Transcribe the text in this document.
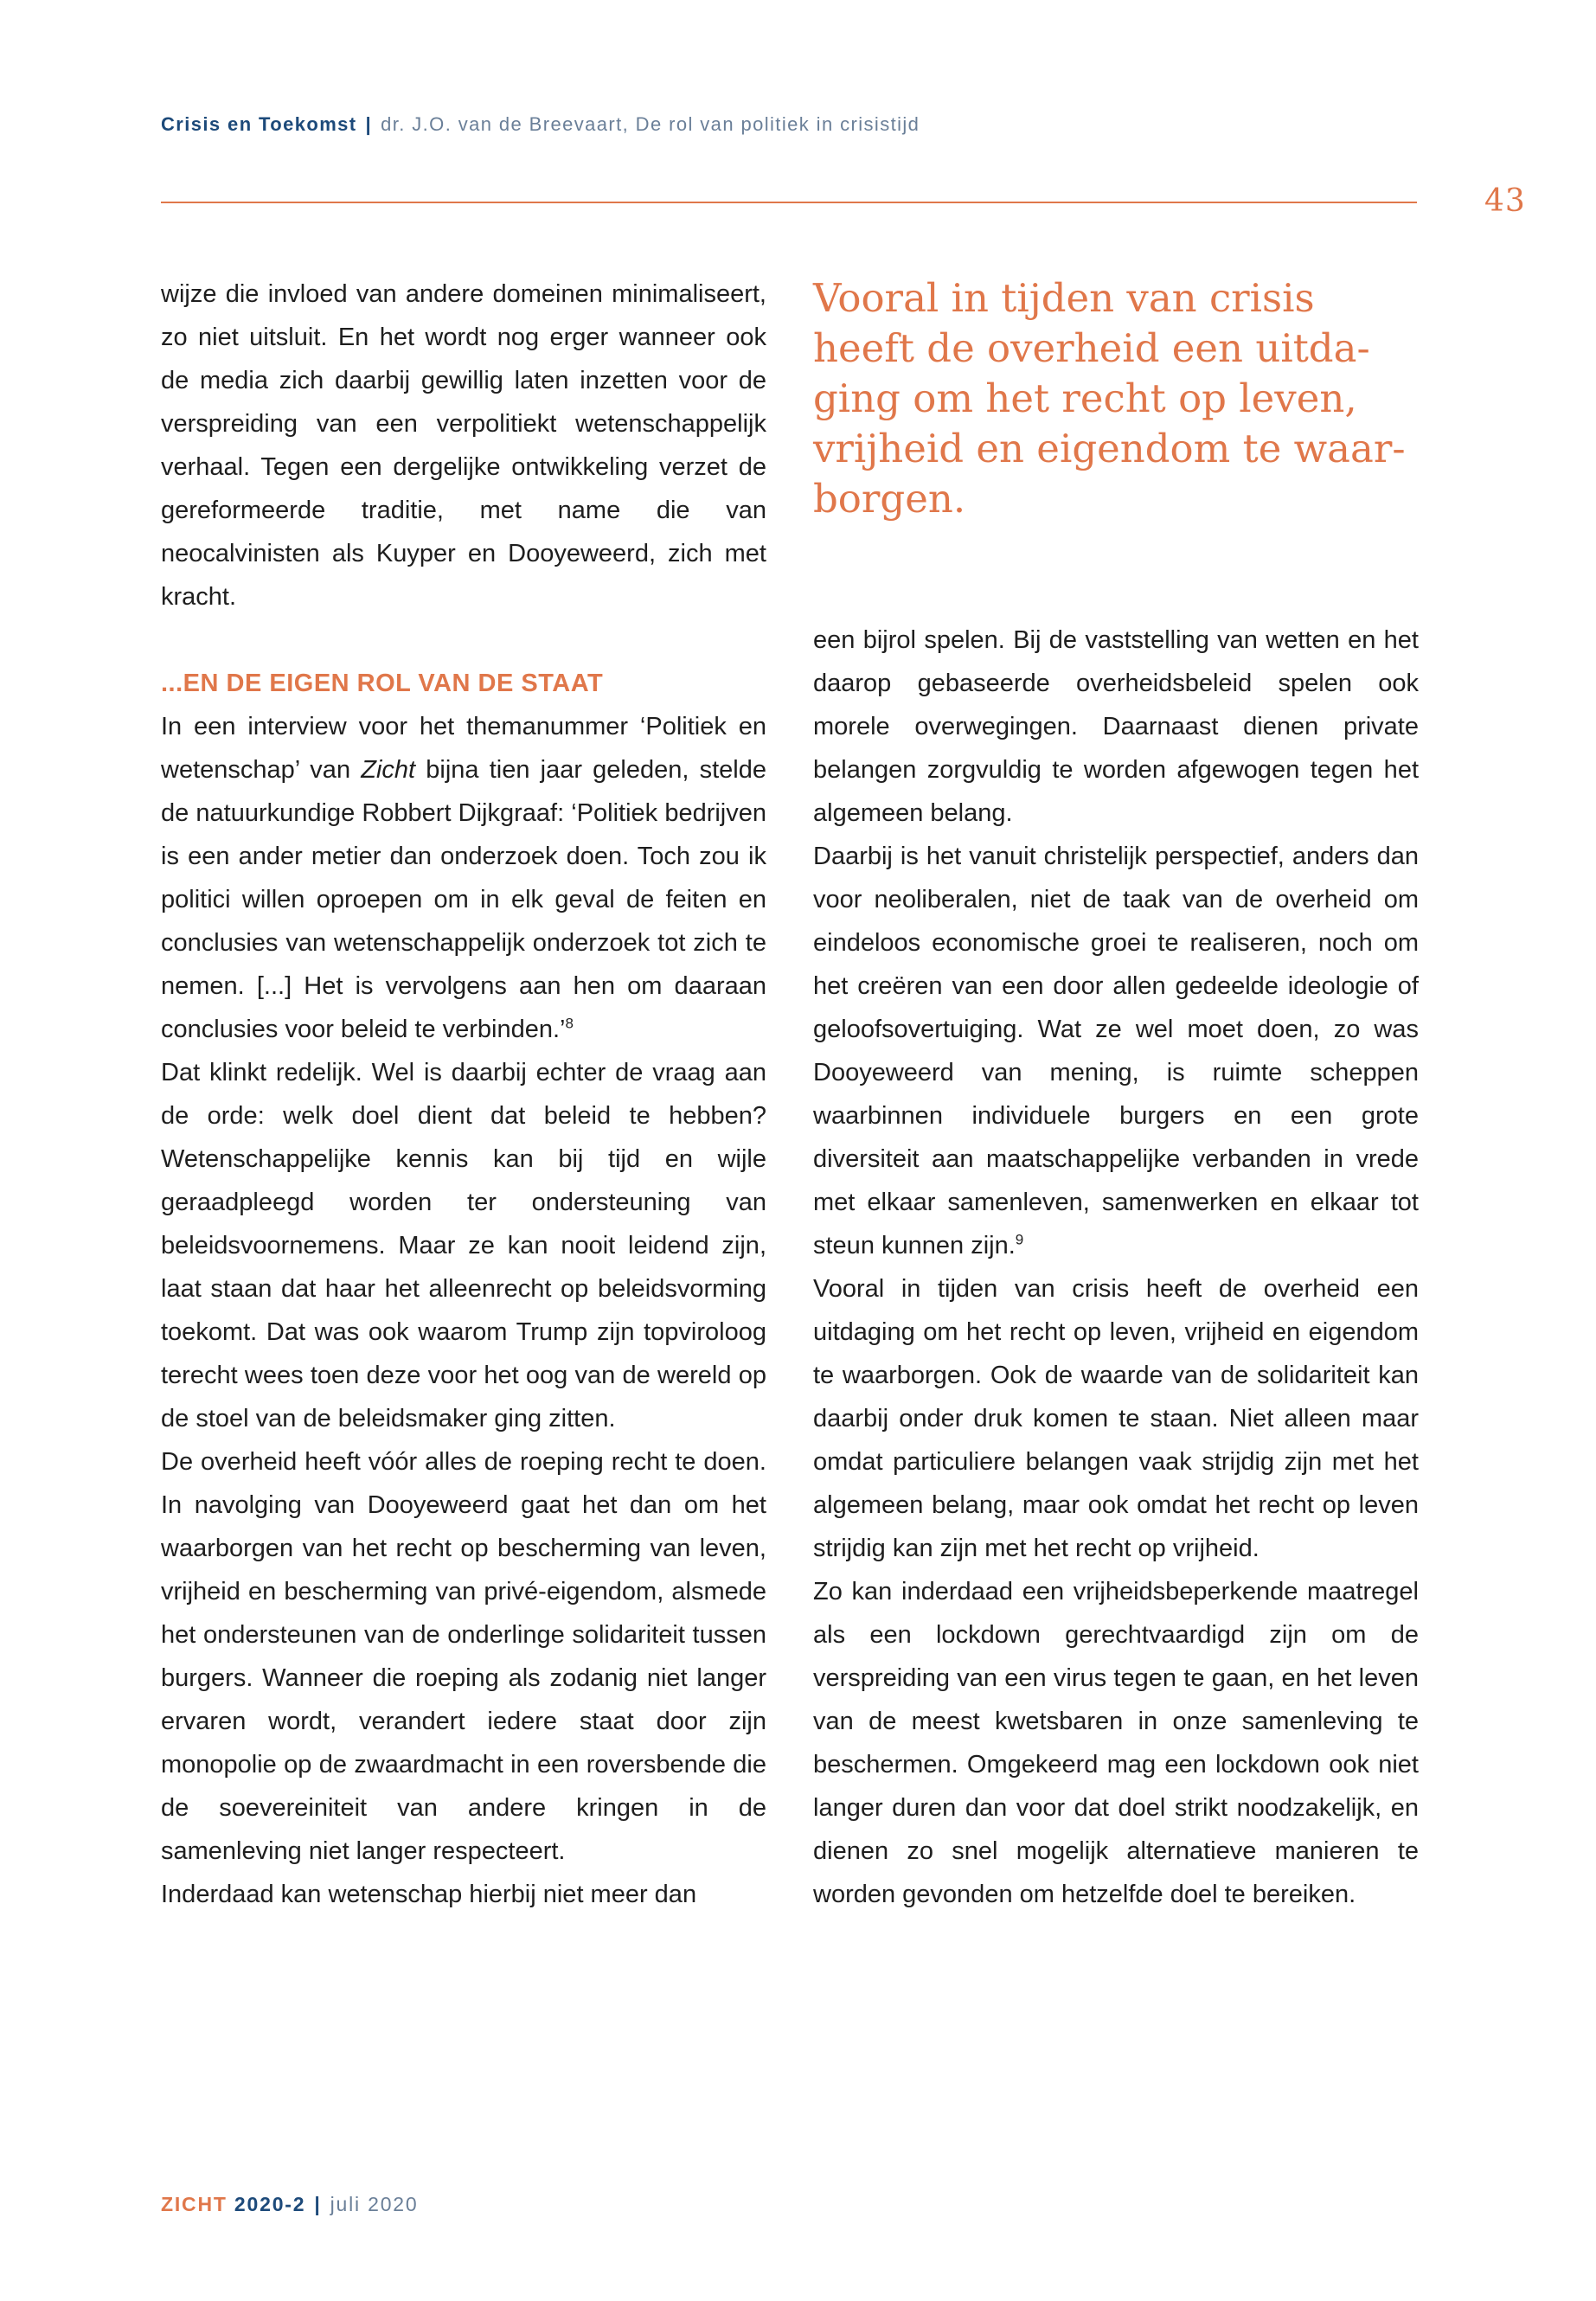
Crisis en Toekomst | dr. J.O. van de Breevaart, De rol van politiek in crisistijd
43

wijze die invloed van andere domeinen minimaliseert, zo niet uitsluit. En het wordt nog erger wanneer ook de media zich daarbij gewillig laten inzetten voor de verspreiding van een verpolitiekt wetenschappelijk verhaal. Tegen een dergelijke ontwikkeling verzet de gereformeerde traditie, met name die van neocalvinisten als Kuyper en Dooyeweerd, zich met kracht.

...EN DE EIGEN ROL VAN DE STAAT

In een interview voor het themanummer ‘Politiek en wetenschap’ van Zicht bijna tien jaar geleden, stelde de natuurkundige Robbert Dijkgraaf: ‘Politiek bedrijven is een ander metier dan onderzoek doen. Toch zou ik politici willen oproepen om in elk geval de feiten en conclusies van wetenschappelijk onderzoek tot zich te nemen. [...] Het is vervolgens aan hen om daaraan conclusies voor beleid te verbinden.’$^8$

Dat klinkt redelijk. Wel is daarbij echter de vraag aan de orde: welk doel dient dat beleid te hebben? Wetenschappelijke kennis kan bij tijd en wijle geraadpleegd worden ter ondersteuning van beleidsvoornemens. Maar ze kan nooit leidend zijn, laat staan dat haar het alleenrecht op beleidsvorming toekomt. Dat was ook waarom Trump zijn topviroloog terecht wees toen deze voor het oog van de wereld op de stoel van de beleidsmaker ging zitten.

De overheid heeft vóór alles de roeping recht te doen. In navolging van Dooyeweerd gaat het dan om het waarborgen van het recht op bescherming van leven, vrijheid en bescherming van privé-eigendom, alsmede het ondersteunen van de onderlinge solidariteit tussen burgers. Wanneer die roeping als zodanig niet langer ervaren wordt, verandert iedere staat door zijn monopolie op de zwaardmacht in een roversbende die de soevereiniteit van andere kringen in de samenleving niet langer respecteert.

Inderdaad kan wetenschap hierbij niet meer dan

Vooral in tijden van crisis
heeft de overheid een uitda-
ging om het recht op leven,
vrijheid en eigendom te waar-
borgen.

een bijrol spelen. Bij de vaststelling van wetten en het daarop gebaseerde overheidsbeleid spelen ook morele overwegingen. Daarnaast dienen private belangen zorgvuldig te worden afgewogen tegen het algemeen belang.

Daarbij is het vanuit christelijk perspectief, anders dan voor neoliberalen, niet de taak van de overheid om eindeloos economische groei te realiseren, noch om het creëren van een door allen gedeelde ideologie of geloofsovertuiging. Wat ze wel moet doen, zo was Dooyeweerd van mening, is ruimte scheppen waarbinnen individuele burgers en een grote diversiteit aan maatschappelijke verbanden in vrede met elkaar samenleven, samenwerken en elkaar tot steun kunnen zijn.$^9$

Vooral in tijden van crisis heeft de overheid een uitdaging om het recht op leven, vrijheid en eigendom te waarborgen. Ook de waarde van de solidariteit kan daarbij onder druk komen te staan. Niet alleen maar omdat particuliere belangen vaak strijdig zijn met het algemeen belang, maar ook omdat het recht op leven strijdig kan zijn met het recht op vrijheid.

Zo kan inderdaad een vrijheidsbeperkende maatregel als een lockdown gerechtvaardigd zijn om de verspreiding van een virus tegen te gaan, en het leven van de meest kwetsbaren in onze samenleving te beschermen. Omgekeerd mag een lockdown ook niet langer duren dan voor dat doel strikt noodzakelijk, en dienen zo snel mogelijk alternatieve manieren te worden gevonden om hetzelfde doel te bereiken.

ZICHT 2020-2 | juli 2020
